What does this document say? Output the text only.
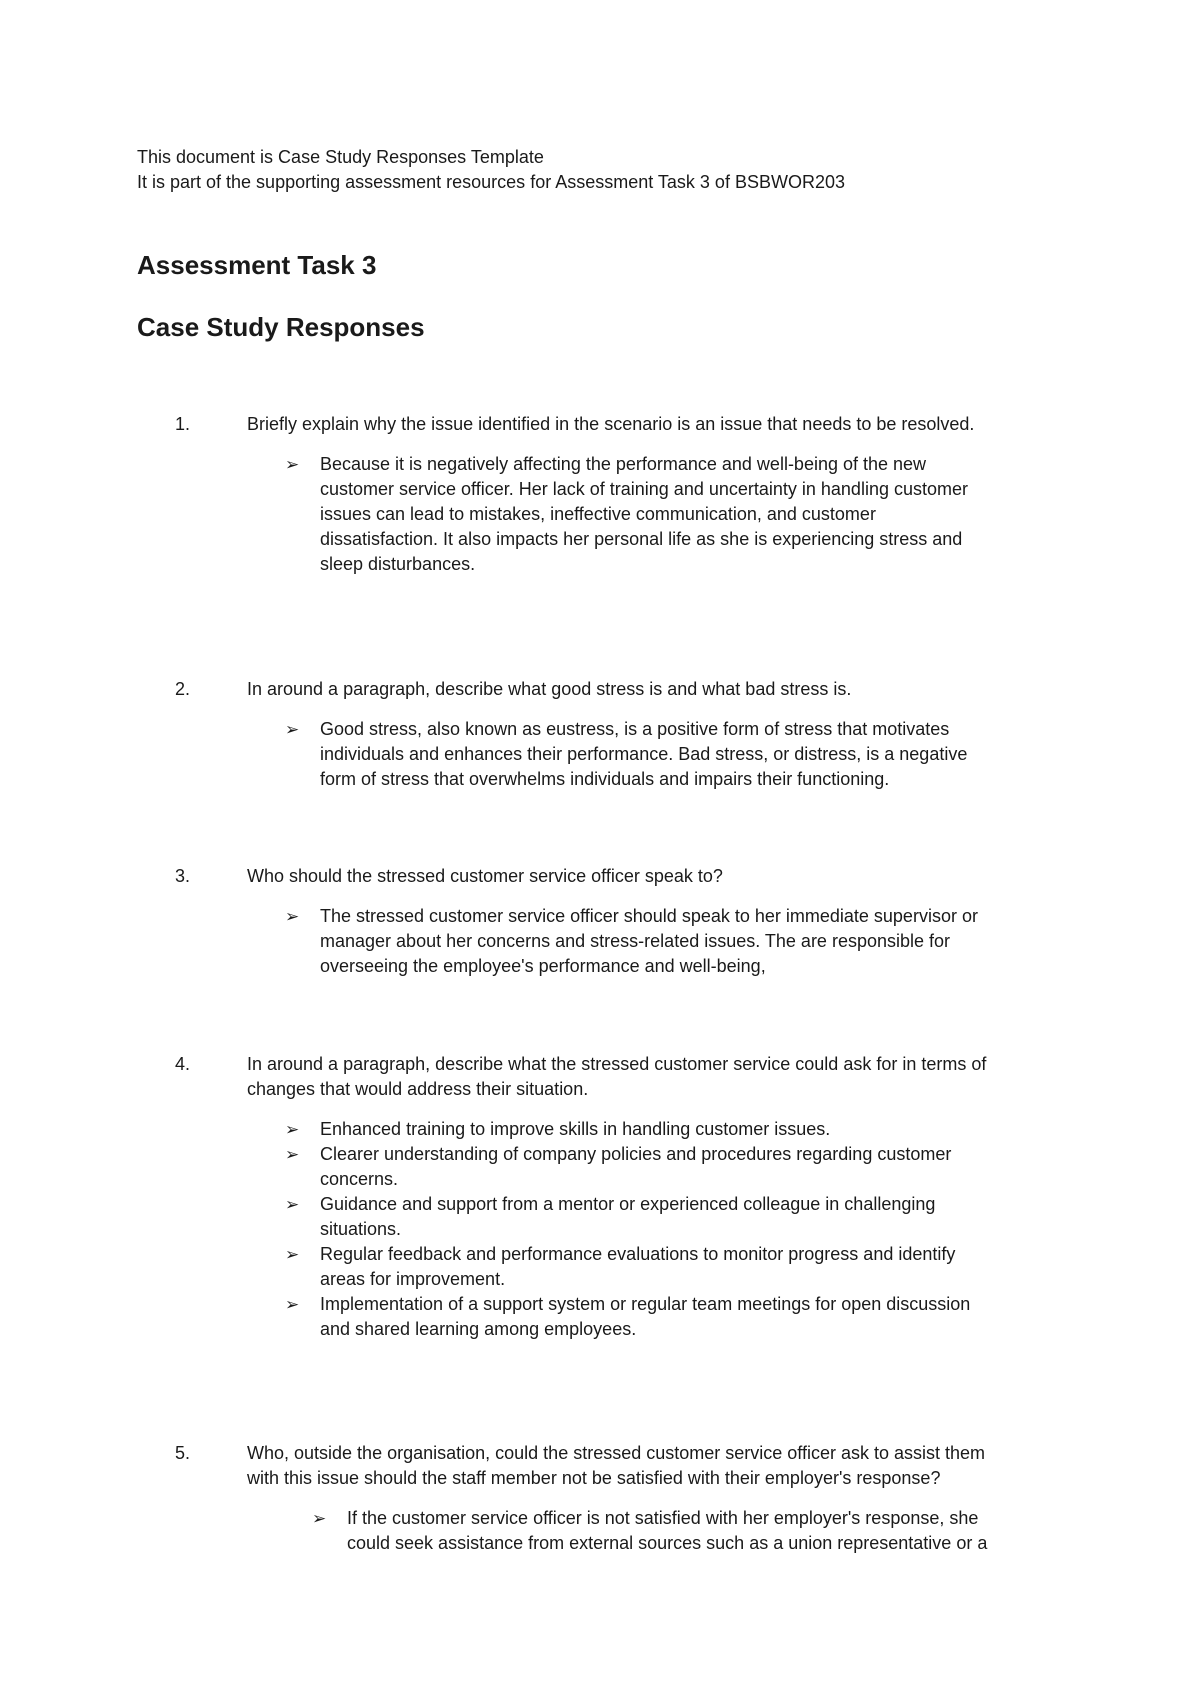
This document is Case Study Responses Template
It is part of the supporting assessment resources for Assessment Task 3 of BSBWOR203
Assessment Task 3
Case Study Responses
1.	Briefly explain why the issue identified in the scenario is an issue that needs to be resolved.
➢ Because it is negatively affecting the performance and well-being of the new
customer service officer. Her lack of training and uncertainty in handling customer
issues can lead to mistakes, ineffective communication, and customer
dissatisfaction. It also impacts her personal life as she is experiencing stress and
sleep disturbances.
2.	In around a paragraph, describe what good stress is and what bad stress is.
➢ Good stress, also known as eustress, is a positive form of stress that motivates
individuals and enhances their performance. Bad stress, or distress, is a negative
form of stress that overwhelms individuals and impairs their functioning.
3.	Who should the stressed customer service officer speak to?
➢ The stressed customer service officer should speak to her immediate supervisor or
manager about her concerns and stress-related issues. The are responsible for
overseeing the employee's performance and well-being,
4.	In around a paragraph, describe what the stressed customer service could ask for in terms of
changes that would address their situation.
➢ Enhanced training to improve skills in handling customer issues.
➢ Clearer understanding of company policies and procedures regarding customer
concerns.
➢ Guidance and support from a mentor or experienced colleague in challenging
situations.
➢ Regular feedback and performance evaluations to monitor progress and identify
areas for improvement.
➢ Implementation of a support system or regular team meetings for open discussion
and shared learning among employees.
5.	Who, outside the organisation, could the stressed customer service officer ask to assist them
with this issue should the staff member not be satisfied with their employer's response?
➢ If the customer service officer is not satisfied with her employer's response, she
could seek assistance from external sources such as a union representative or a
